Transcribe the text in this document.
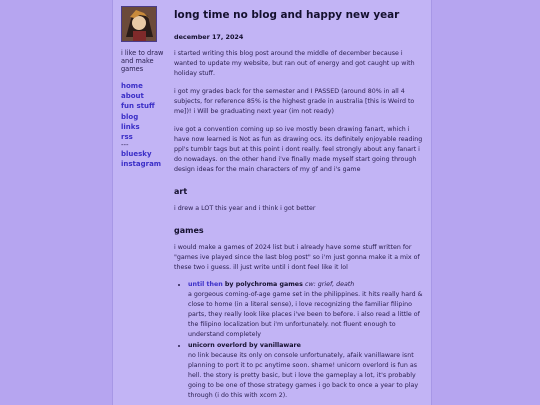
i like to draw and make games
home
about
fun stuff
blog
links
rss
---
bluesky
instagram
long time no blog and happy new year
december 17, 2024

i started writing this blog post around the middle of december because i wanted to update my website, but ran out of energy and got caught up with holiday stuff.

i got my grades back for the semester and I PASSED (around 80% in all 4 subjects, for reference 85% is the highest grade in australia [this is Weird to me])! i Will be graduating next year (im not ready)

ive got a convention coming up so ive mostly been drawing fanart, which i have now learned is Not as fun as drawing ocs. its definitely enjoyable reading ppl's tumblr tags but at this point i dont really. feel strongly about any fanart i do nowadays. on the other hand i've finally made myself start going through design ideas for the main characters of my gf and i's game

art

i drew a LOT this year and i think i got better

games

i would make a games of 2024 list but i already have some stuff written for "games ive played since the last blog post" so i'm just gonna make it a mix of these two i guess. ill just write until i dont feel like it lol

• until then by polychroma games cw: grief, death
a gorgeous coming-of-age game set in the philippines. it hits really hard & close to home (in a literal sense), i love recognizing the familiar filipino parts, they really look like places i've been to before. i also read a little of the filipino localization but i'm unfortunately. not fluent enough to understand completely
• unicorn overlord by vanillaware
no link because its only on console unfortunately, afaik vanillaware isnt planning to port it to pc anytime soon. shame! unicorn overlord is fun as hell. the story is pretty basic, but i love the gameplay a lot, it's probably going to be one of those strategy games i go back to once a year to play through (i do this with xcom 2).
